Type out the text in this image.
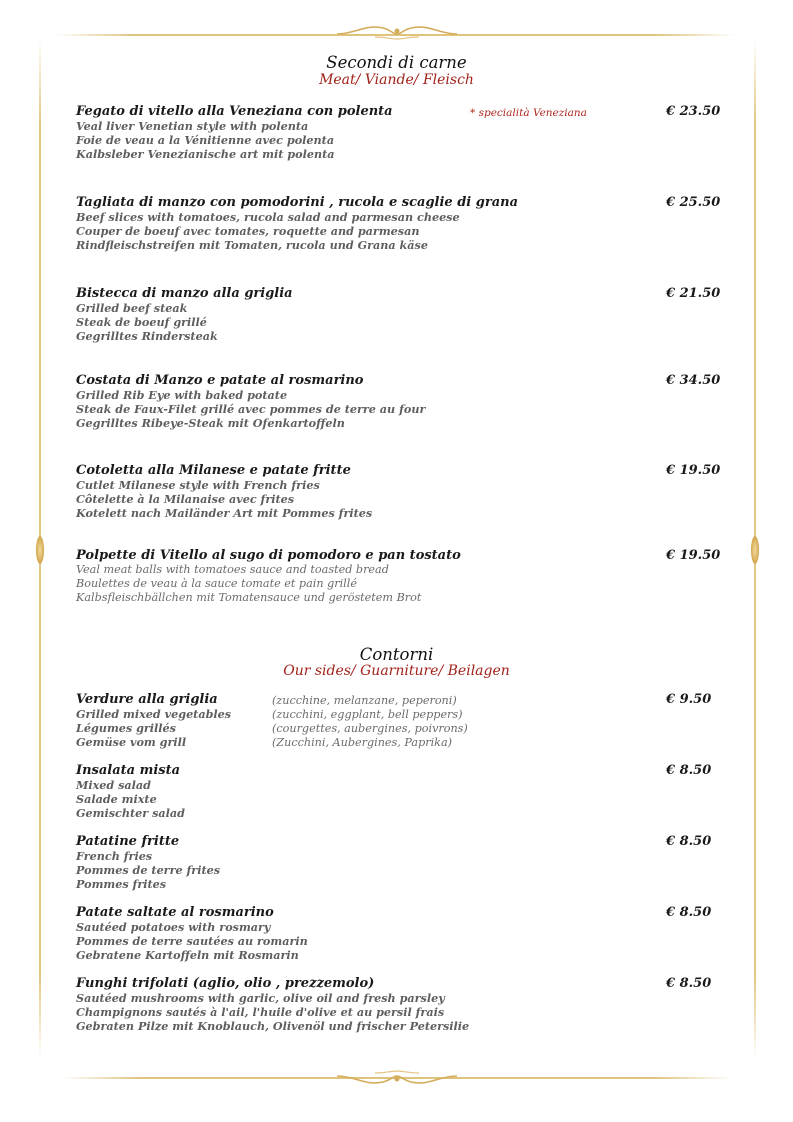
Secondi di carne
Meat/ Viande/ Fleisch
Fegato di vitello alla Veneziana con polenta
Veal liver Venetian style with polenta
Foie de veau a la Vénitienne avec polenta
Kalbsleber Venezianische art mit polenta
* specialità Veneziana	€ 23.50
Tagliata di manzo con pomodorini , rucola e scaglie di grana
Beef slices with tomatoes, rucola salad and parmesan cheese
Couper de boeuf avec tomates, roquette and parmesan
Rindfleischstreifen mit Tomaten, rucola und Grana käse
€ 25.50
Bistecca di manzo alla griglia
Grilled beef steak
Steak de boeuf grillé
Gegrilltes Rindersteak
€ 21.50
Costata di Manzo e patate al rosmarino
Grilled Rib Eye with baked potate
Steak de Faux-Filet grillé avec pommes de terre au four
Gegrilltes Ribeye-Steak mit Ofenkartoffeln
€ 34.50
Cotoletta alla Milanese e patate fritte
Cutlet Milanese style with French fries
Côtelette à la Milanaise avec frites
Kotelett nach Mailänder Art mit Pommes frites
€ 19.50
Polpette di Vitello al sugo di pomodoro e pan tostato
Veal meat balls with tomatoes sauce and toasted bread
Boulettes de veau à la sauce tomate et pain grillé
Kalbsfleischbällchen mit Tomatensauce und geröstetem Brot
€ 19.50
Contorni
Our sides/ Guarniture/ Beilagen
Verdure alla griglia
Grilled mixed vegetables
Légumes grillés
Gemüse vom grill
(zucchine, melanzane, peperoni)
(zucchini, eggplant, bell peppers)
(courgettes, aubergines, poivrons)
(Zucchini, Aubergines, Paprika)
€ 9.50
Insalata mista
Mixed salad
Salade mixte
Gemischter salad
€ 8.50
Patatine fritte
French fries
Pommes de terre frites
Pommes frites
€ 8.50
Patate saltate al rosmarino
Sautéed potatoes with rosmary
Pommes de terre sautées au romarin
Gebratene Kartoffeln mit Rosmarin
€ 8.50
Funghi trifolati (aglio, olio , prezzemolo)
Sautéed mushrooms with garlic, olive oil and fresh parsley
Champignons sautés à l'ail, l'huile d'olive et au persil frais
Gebraten Pilze mit Knoblauch, Olivenöl und frischer Petersilie
€ 8.50
